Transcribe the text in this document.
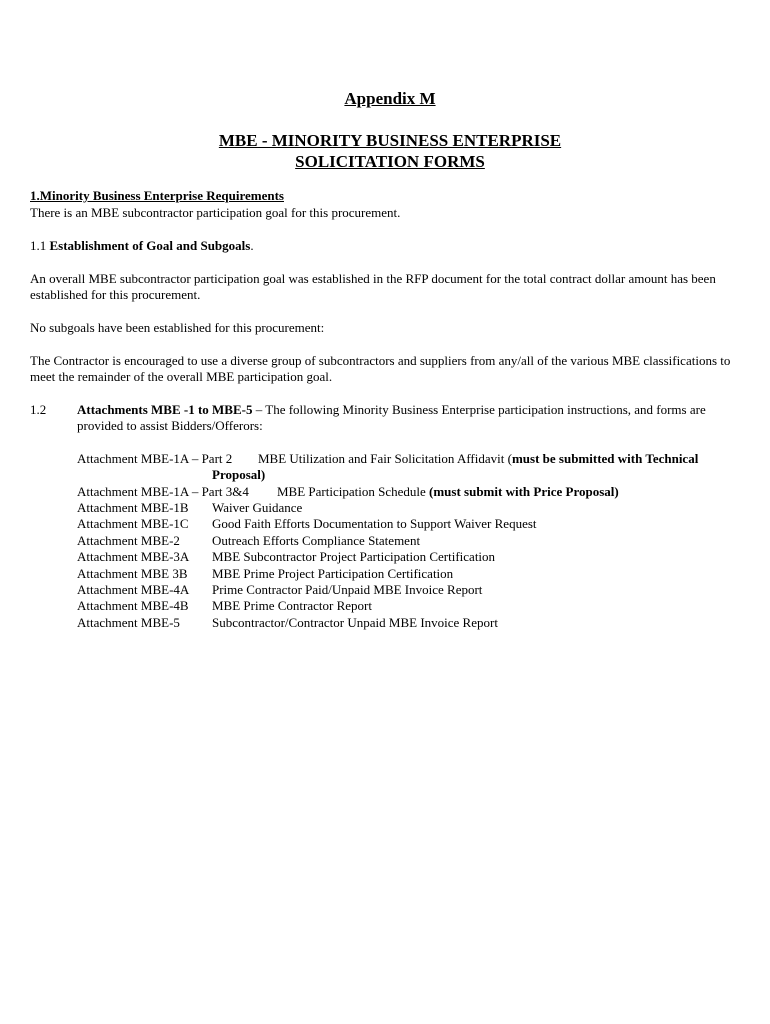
Appendix M
MBE - MINORITY BUSINESS ENTERPRISE
SOLICITATION FORMS
1.Minority Business Enterprise Requirements
There is an MBE subcontractor participation goal for this procurement.
1.1 Establishment of Goal and Subgoals.
An overall MBE subcontractor participation goal was established in the RFP document for the total contract dollar amount has been established for this procurement.
No subgoals have been established for this procurement:
The Contractor is encouraged to use a diverse group of subcontractors and suppliers from any/all of the various MBE classifications to meet the remainder of the overall MBE participation goal.
1.2 Attachments MBE -1 to MBE-5 – The following Minority Business Enterprise participation instructions, and forms are provided to assist Bidders/Offerors:
Attachment MBE-1A – Part 2 MBE Utilization and Fair Solicitation Affidavit (must be submitted with Technical
Proposal)
Attachment MBE-1A – Part 3&4 MBE Participation Schedule (must submit with Price Proposal)
Attachment MBE-1B Waiver Guidance
Attachment MBE-1C Good Faith Efforts Documentation to Support Waiver Request
Attachment MBE-2 Outreach Efforts Compliance Statement
Attachment MBE-3A MBE Subcontractor Project Participation Certification
Attachment MBE 3B MBE Prime Project Participation Certification
Attachment MBE-4A Prime Contractor Paid/Unpaid MBE Invoice Report
Attachment MBE-4B MBE Prime Contractor Report
Attachment MBE-5 Subcontractor/Contractor Unpaid MBE Invoice Report
